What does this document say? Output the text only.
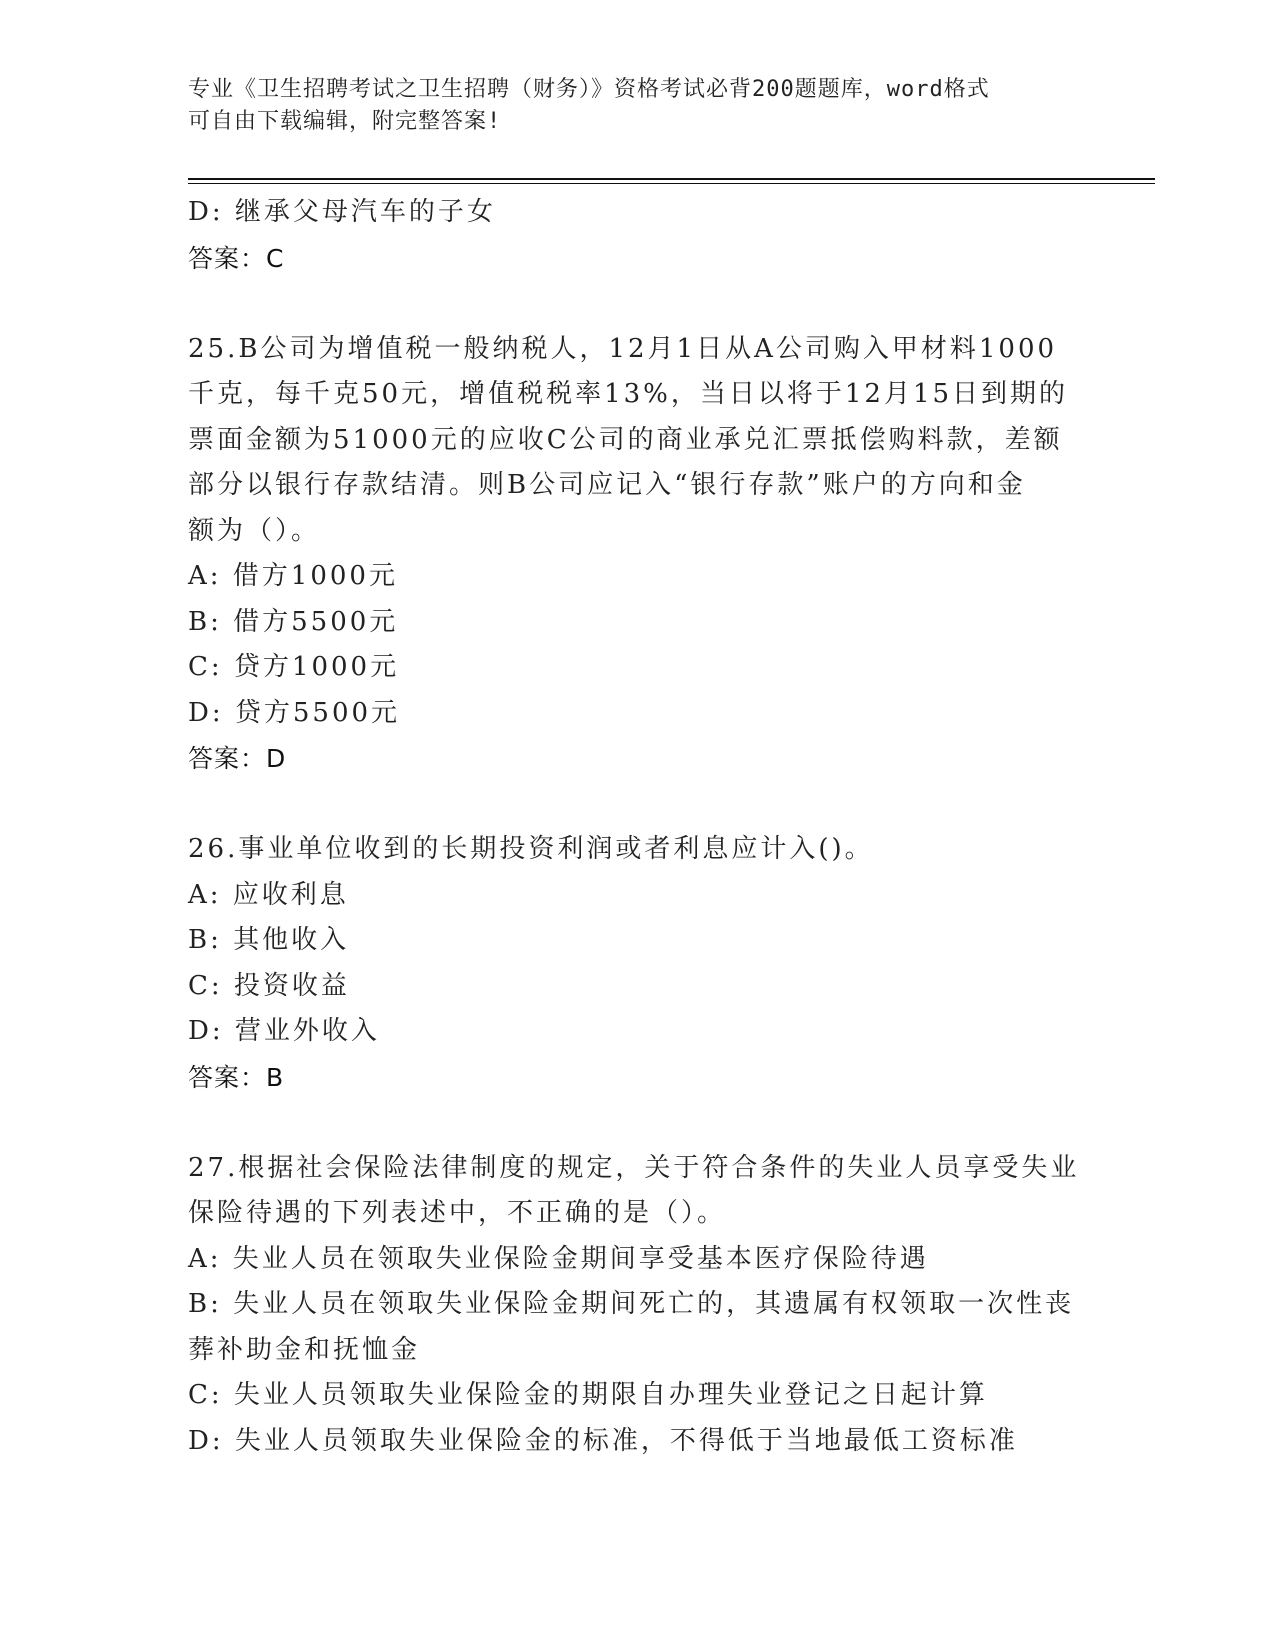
专业《卫生招聘考试之卫生招聘（财务）》资格考试必背200题题库，word格式
可自由下载编辑，附完整答案!
D: 继承父母汽车的子女
答案：C
25.B公司为增值税一般纳税人，12月1日从A公司购入甲材料1000
千克，每千克50元，增值税税率13%，当日以将于12月15日到期的
票面金额为51000元的应收C公司的商业承兑汇票抵偿购料款，差额
部分以银行存款结清。则B公司应记入“银行存款”账户的方向和金
额为（）。
A: 借方1000元
B: 借方5500元
C: 贷方1000元
D: 贷方5500元
答案：D
26.事业单位收到的长期投资利润或者利息应计入()。
A: 应收利息
B: 其他收入
C: 投资收益
D: 营业外收入
答案：B
27.根据社会保险法律制度的规定，关于符合条件的失业人员享受失业
保险待遇的下列表述中，不正确的是（）。
A: 失业人员在领取失业保险金期间享受基本医疗保险待遇
B: 失业人员在领取失业保险金期间死亡的，其遗属有权领取一次性丧
葬补助金和抚恤金
C: 失业人员领取失业保险金的期限自办理失业登记之日起计算
D: 失业人员领取失业保险金的标准，不得低于当地最低工资标准
